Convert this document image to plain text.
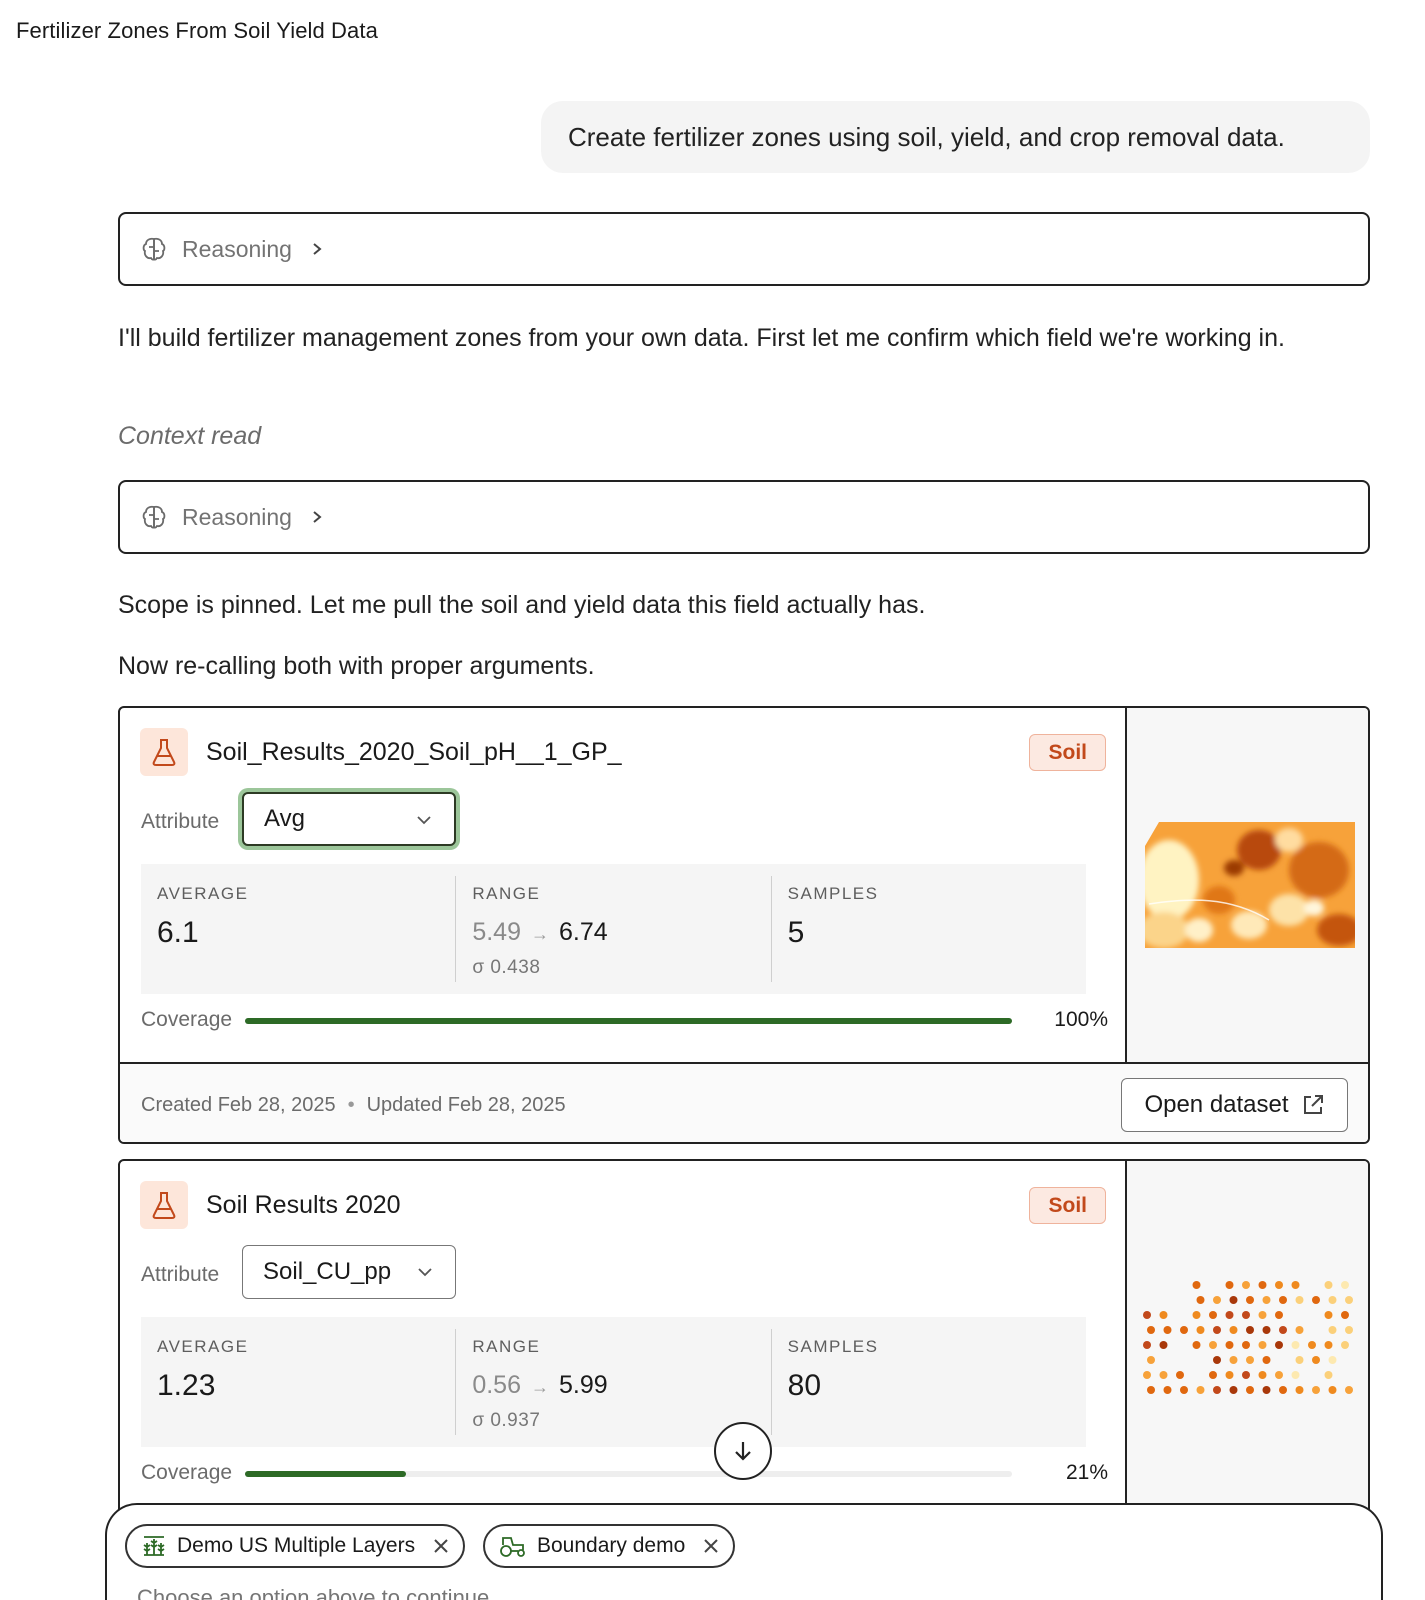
Fertilizer Zones From Soil Yield Data
Create fertilizer zones using soil, yield, and crop removal data.
Reasoning
I'll build fertilizer management zones from your own data. First let me confirm which field we're working in.
Context read
Reasoning
Scope is pinned. Let me pull the soil and yield data this field actually has.
Now re-calling both with proper arguments.
Soil_Results_2020_Soil_pH__1_GP_	Soil
Attribute Avg
AVERAGE
6.1
RANGE
5.49 → 6.74
σ 0.438
SAMPLES
5
Coverage	100%
Created Feb 28, 2025 • Updated Feb 28, 2025	Open dataset
Soil Results 2020	Soil
Attribute Soil_CU_pp
AVERAGE
1.23
RANGE
0.56 → 5.99
σ 0.937
SAMPLES
80
Coverage	21%
Demo US Multiple Layers	Boundary demo
Choose an option above to continue
